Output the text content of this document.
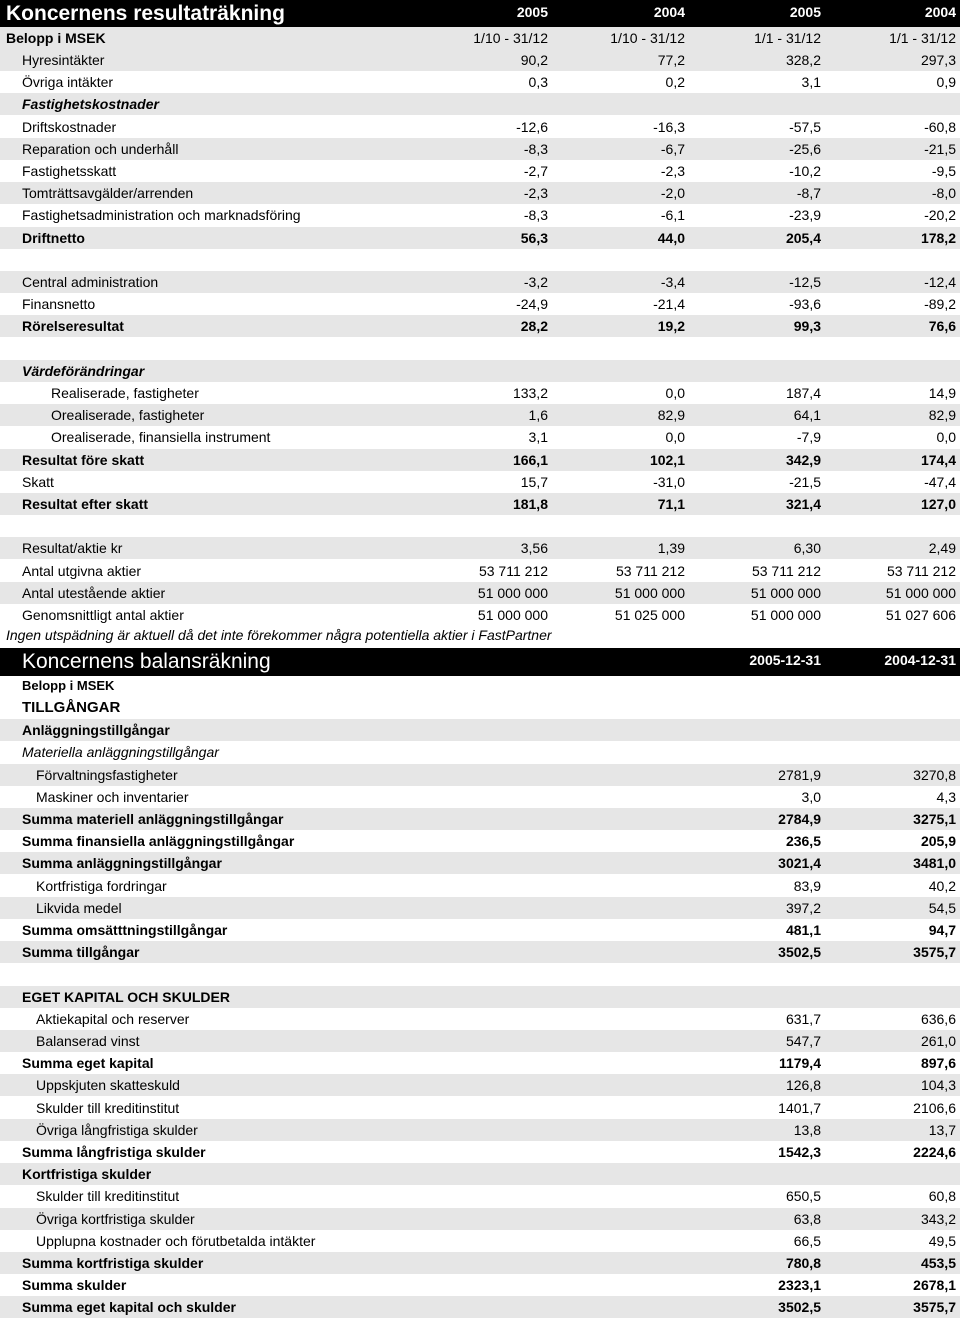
Koncernens resultaträkning	2005	2004	2005	2004
Belopp i MSEK	1/10 - 31/12	1/10 - 31/12	1/1 - 31/12	1/1 - 31/12
Hyresintäkter	90,2	77,2	328,2	297,3
Övriga intäkter	0,3	0,2	3,1	0,9
Fastighetskostnader
Driftskostnader	-12,6	-16,3	-57,5	-60,8
Reparation och underhåll	-8,3	-6,7	-25,6	-21,5
Fastighetsskatt	-2,7	-2,3	-10,2	-9,5
Tomträttsavgälder/arrenden	-2,3	-2,0	-8,7	-8,0
Fastighetsadministration och marknadsföring	-8,3	-6,1	-23,9	-20,2
Driftnetto	56,3	44,0	205,4	178,2
Central administration	-3,2	-3,4	-12,5	-12,4
Finansnetto	-24,9	-21,4	-93,6	-89,2
Rörelseresultat	28,2	19,2	99,3	76,6
Värdeförändringar
Realiserade, fastigheter	133,2	0,0	187,4	14,9
Orealiserade, fastigheter	1,6	82,9	64,1	82,9
Orealiserade, finansiella instrument	3,1	0,0	-7,9	0,0
Resultat före skatt	166,1	102,1	342,9	174,4
Skatt	15,7	-31,0	-21,5	-47,4
Resultat efter skatt	181,8	71,1	321,4	127,0
Resultat/aktie kr	3,56	1,39	6,30	2,49
Antal utgivna aktier	53 711 212	53 711 212	53 711 212	53 711 212
Antal utestående aktier	51 000 000	51 000 000	51 000 000	51 000 000
Genomsnittligt antal aktier	51 000 000	51 025 000	51 000 000	51 027 606
Ingen utspädning är aktuell då det inte förekommer några potentiella aktier i FastPartner
Koncernens balansräkning	2005-12-31	2004-12-31
Belopp i MSEK
TILLGÅNGAR
Anläggningstillgångar
Materiella anläggningstillgångar
Förvaltningsfastigheter	2781,9	3270,8
Maskiner och inventarier	3,0	4,3
Summa materiell anläggningstillgångar	2784,9	3275,1
Summa finansiella anläggningstillgångar	236,5	205,9
Summa anläggningstillgångar	3021,4	3481,0
Kortfristiga fordringar	83,9	40,2
Likvida medel	397,2	54,5
Summa omsätttningstillgångar	481,1	94,7
Summa tillgångar	3502,5	3575,7
EGET KAPITAL OCH SKULDER
Aktiekapital och reserver	631,7	636,6
Balanserad vinst	547,7	261,0
Summa eget kapital	1179,4	897,6
Uppskjuten skatteskuld	126,8	104,3
Skulder till kreditinstitut	1401,7	2106,6
Övriga långfristiga skulder	13,8	13,7
Summa långfristiga skulder	1542,3	2224,6
Kortfristiga skulder
Skulder till kreditinstitut	650,5	60,8
Övriga kortfristiga skulder	63,8	343,2
Upplupna kostnader och förutbetalda intäkter	66,5	49,5
Summa kortfristiga skulder	780,8	453,5
Summa skulder	2323,1	2678,1
Summa eget kapital och skulder	3502,5	3575,7
